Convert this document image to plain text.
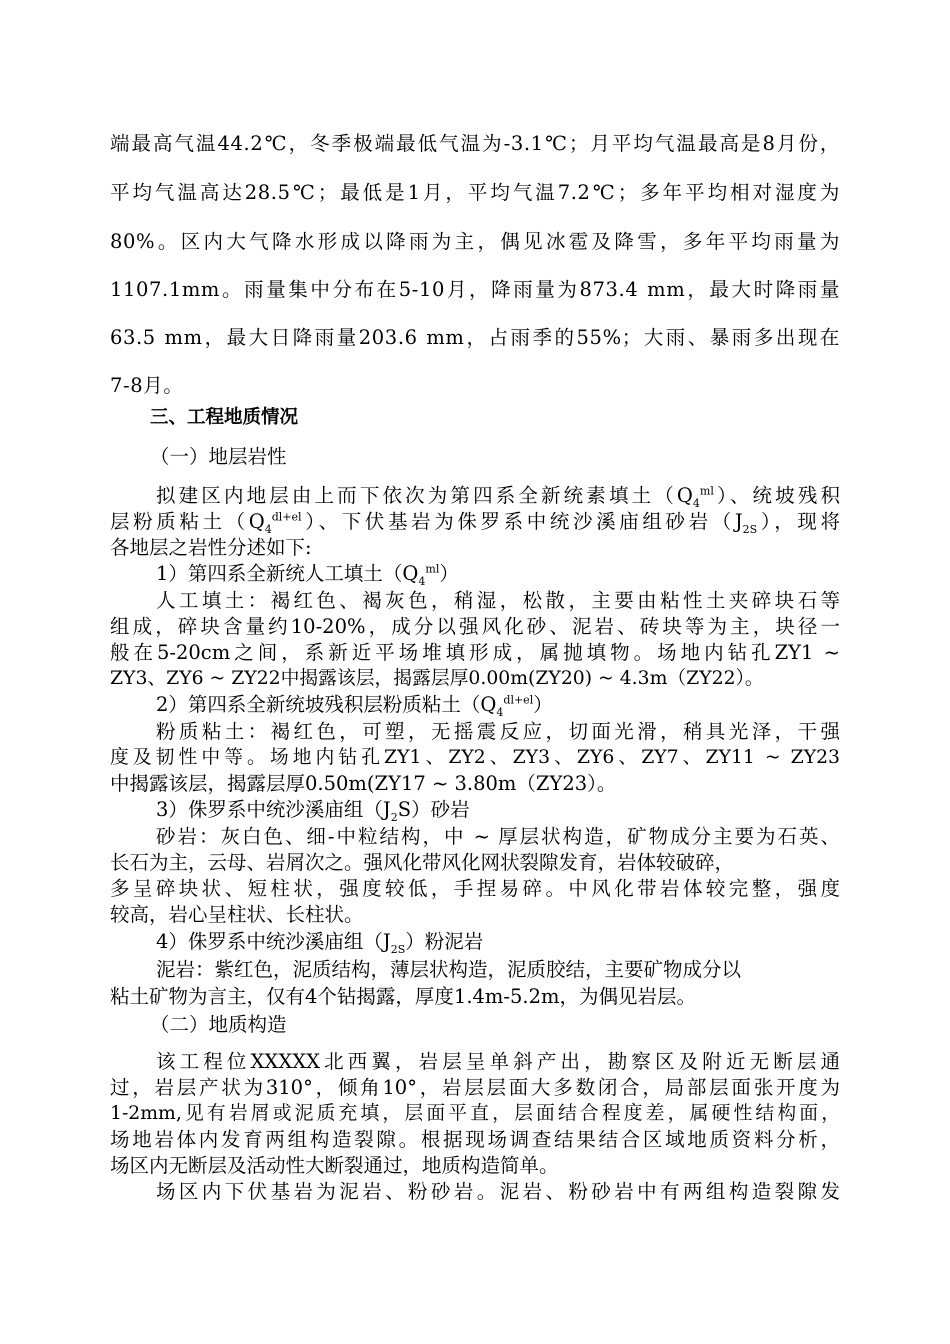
端最高气温44.2℃，冬季极端最低气温为-3.1℃；月平均气温最高是8月份，
平均气温高达28.5℃；最低是1月，平均气温7.2℃；多年平均相对湿度为
80%。区内大气降水形成以降雨为主，偶见冰雹及降雪，多年平均雨量为
1107.1mm。雨量集中分布在5-10月，降雨量为873.4 mm，最大时降雨量
63.5 mm，最大日降雨量203.6 mm，占雨季的55%；大雨、暴雨多出现在
7-8月。
三、工程地质情况
（一）地层岩性
拟建区内地层由上而下依次为第四系全新统素填土$(Q_4^{ml})$、统坡残积
层粉质粘土$(Q_4^{dl+el})$、下伏基岩为侏罗系中统沙溪庙组砂岩$(J_{2S})$，现将
各地层之岩性分述如下:
1）第四系全新统人工填土$(Q_4^{ml})$
人工填土：褐红色、褐灰色，稍湿，松散，主要由粘性土夹碎块石等
组成，碎块含量约10-20%，成分以强风化砂、泥岩、砖块等为主，块径一
般在5-20cm之间，系新近平场堆填形成，属抛填物。场地内钻孔ZY1 ~
ZY3、ZY6 ~ ZY22中揭露该层，揭露层厚0.00m(ZY20) ~ 4.3m（ZY22）。
2）第四系全新统坡残积层粉质粘土$(Q_4^{dl+el})$
粉质粘土：褐红色，可塑，无摇震反应，切面光滑，稍具光泽，干强
度及韧性中等。场地内钻孔ZY1、ZY2、ZY3、ZY6、ZY7、ZY11 ~ ZY23
中揭露该层，揭露层厚0.50m(ZY17 ~ 3.80m（ZY23）。
3）侏罗系中统沙溪庙组$(J_2S)$砂岩
砂岩：灰白色、细-中粒结构，中 ~ 厚层状构造，矿物成分主要为石英、
长石为主，云母、岩屑次之。强风化带风化网状裂隙发育，岩体较破碎，
多呈碎块状、短柱状，强度较低，手捏易碎。中风化带岩体较完整，强度
较高，岩心呈柱状、长柱状。
4）侏罗系中统沙溪庙组$(J_{2S})$粉泥岩
泥岩：紫红色，泥质结构，薄层状构造，泥质胶结，主要矿物成分以
粘土矿物为言主，仅有4个钻揭露，厚度1.4m-5.2m，为偶见岩层。
（二）地质构造
该工程位XXXXX北西翼，岩层呈单斜产出，勘察区及附近无断层通
过，岩层产状为310°，倾角10°，岩层层面大多数闭合，局部层面张开度为
1-2mm,见有岩屑或泥质充填，层面平直，层面结合程度差，属硬性结构面，
场地岩体内发育两组构造裂隙。根据现场调查结果结合区域地质资料分析，
场区内无断层及活动性大断裂通过，地质构造简单。
场区内下伏基岩为泥岩、粉砂岩。泥岩、粉砂岩中有两组构造裂隙发
